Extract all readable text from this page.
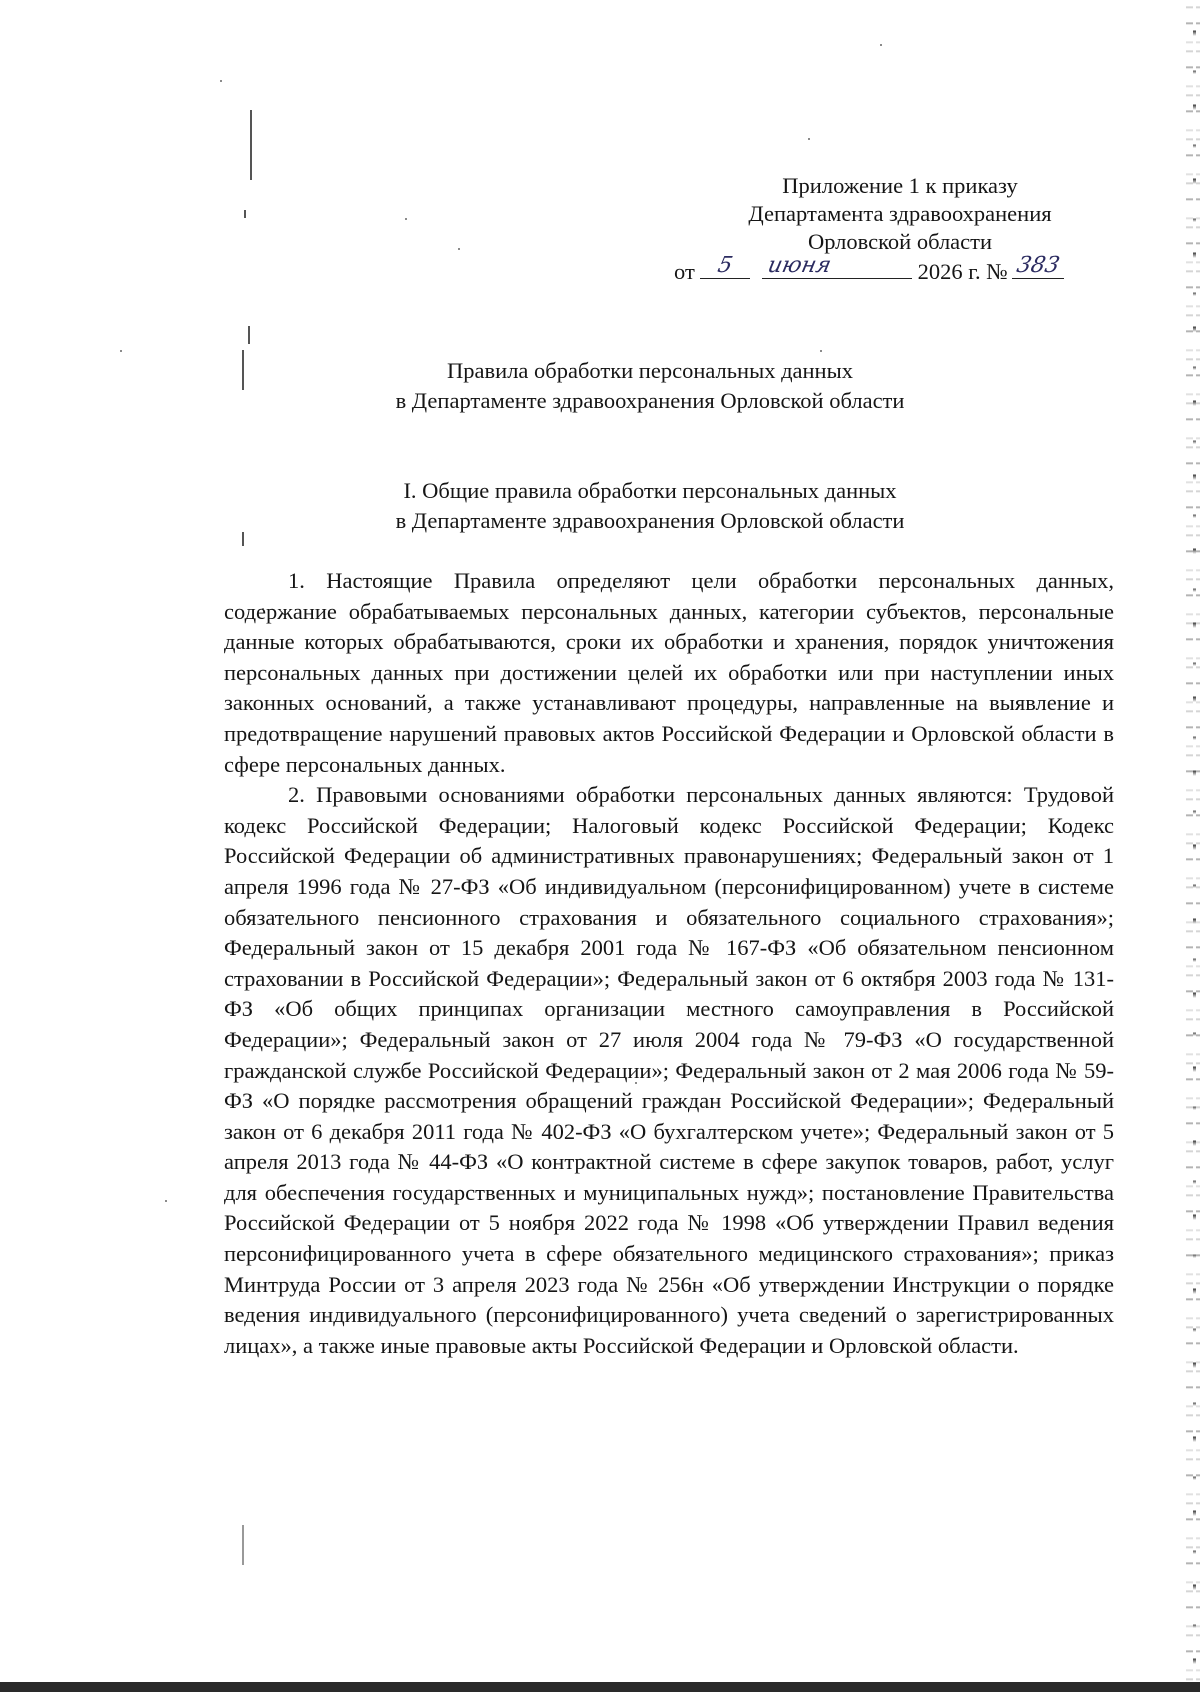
Приложение 1 к приказу
Департамента здравоохранения
Орловской области
от 5
	июня	2026 г. № 383
Правила обработки персональных данных
в Департаменте здравоохранения Орловской области
I. Общие правила обработки персональных данных
в Департаменте здравоохранения Орловской области

1. Настоящие Правила определяют цели обработки персональных данных, содержание обрабатываемых персональных данных, категории субъектов, персональные данные которых обрабатываются, сроки их обработки и хранения, порядок уничтожения персональных данных при достижении целей их обработки или при наступлении иных законных оснований, а также устанавливают процедуры, направленные на выявление и предотвращение нарушений правовых актов Российской Федерации и Орловской области в сфере персональных данных.

2. Правовыми основаниями обработки персональных данных являются: Трудовой кодекс Российской Федерации; Налоговый кодекс Российской Федерации; Кодекс Российской Федерации об административных правонарушениях; Федеральный закон от 1 апреля 1996 года № 27-ФЗ «Об индивидуальном (персонифицированном) учете в системе обязательного пенсионного страхования и обязательного социального страхования»; Федеральный закон от 15 декабря 2001 года № 167-ФЗ «Об обязательном пенсионном страховании в Российской Федерации»; Федеральный закон от 6 октября 2003 года № 131-ФЗ «Об общих принципах организации местного самоуправления в Российской Федерации»; Федеральный закон от 27 июля 2004 года № 79-ФЗ «О государственной гражданской службе Российской Федерации»; Федеральный закон от 2 мая 2006 года № 59-ФЗ «О порядке рассмотрения обращений граждан Российской Федерации»; Федеральный закон от 6 декабря 2011 года № 402-ФЗ «О бухгалтерском учете»; Федеральный закон от 5 апреля 2013 года № 44-ФЗ «О контрактной системе в сфере закупок товаров, работ, услуг для обеспечения государственных и муниципальных нужд»; постановление Правительства Российской Федерации от 5 ноября 2022 года № 1998 «Об утверждении Правил ведения персонифицированного учета в сфере обязательного медицинского страхования»; приказ Минтруда России от 3 апреля 2023 года № 256н «Об утверждении Инструкции о порядке ведения индивидуального (персонифицированного) учета сведений о зарегистрированных лицах», а также иные правовые акты Российской Федерации и Орловской области.
